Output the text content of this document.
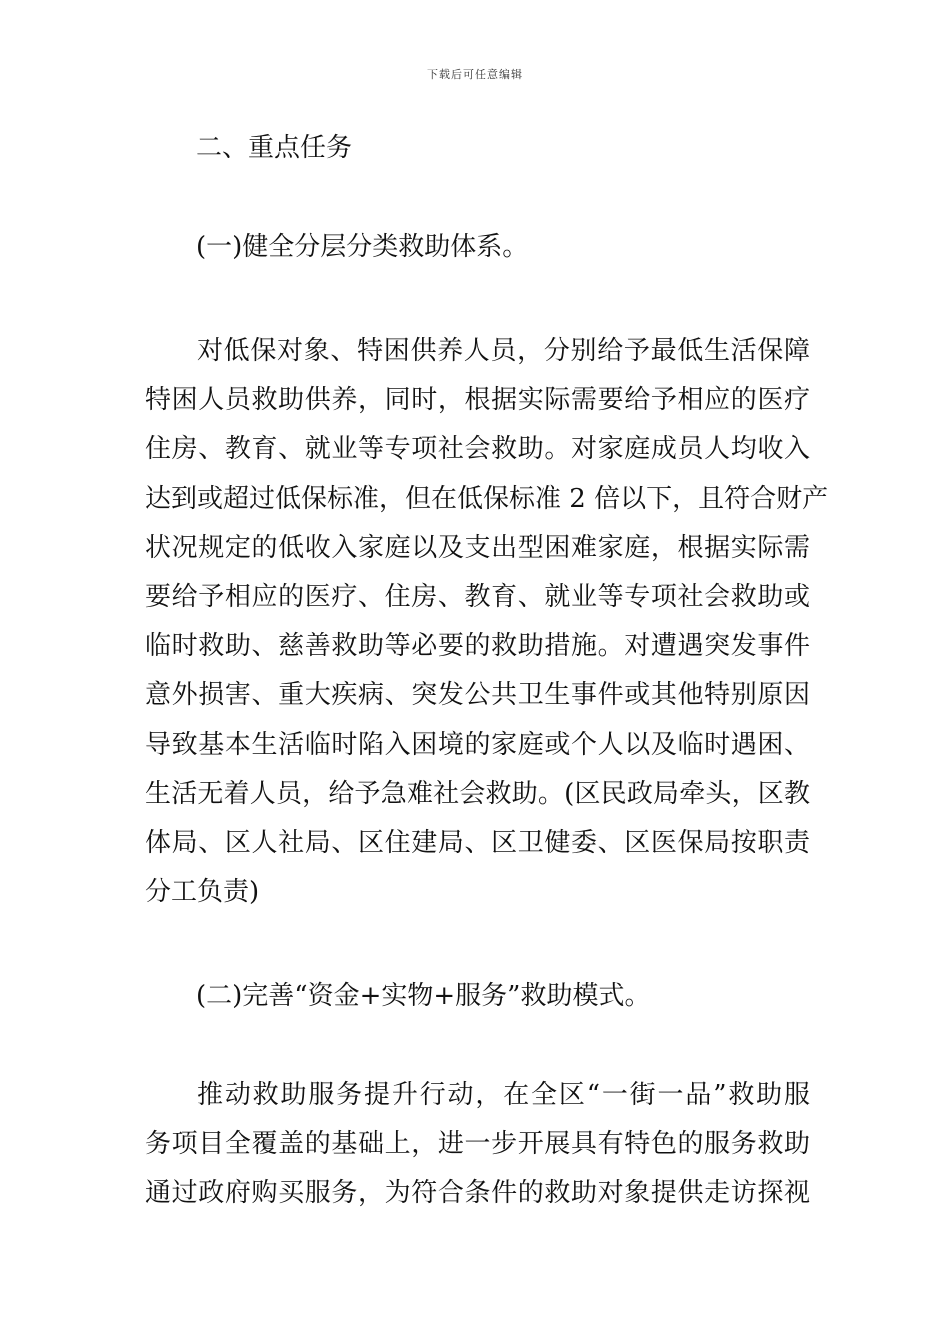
下载后可任意编辑
二、重点任务
(一)健全分层分类救助体系。
对低保对象、特困供养人员，分别给予最低生活保障
特困人员救助供养，同时，根据实际需要给予相应的医疗
住房、教育、就业等专项社会救助。对家庭成员人均收入
达到或超过低保标准，但在低保标准 2 倍以下，且符合财产
状况规定的低收入家庭以及支出型困难家庭，根据实际需
要给予相应的医疗、住房、教育、就业等专项社会救助或
临时救助、慈善救助等必要的救助措施。对遭遇突发事件
意外损害、重大疾病、突发公共卫生事件或其他特别原因
导致基本生活临时陷入困境的家庭或个人以及临时遇困、
生活无着人员，给予急难社会救助。(区民政局牵头，区教
体局、区人社局、区住建局、区卫健委、区医保局按职责
分工负责)
(二)完善“资金+实物+服务”救助模式。
推动救助服务提升行动，在全区“一街一品”救助服
务项目全覆盖的基础上，进一步开展具有特色的服务救助
通过政府购买服务，为符合条件的救助对象提供走访探视
